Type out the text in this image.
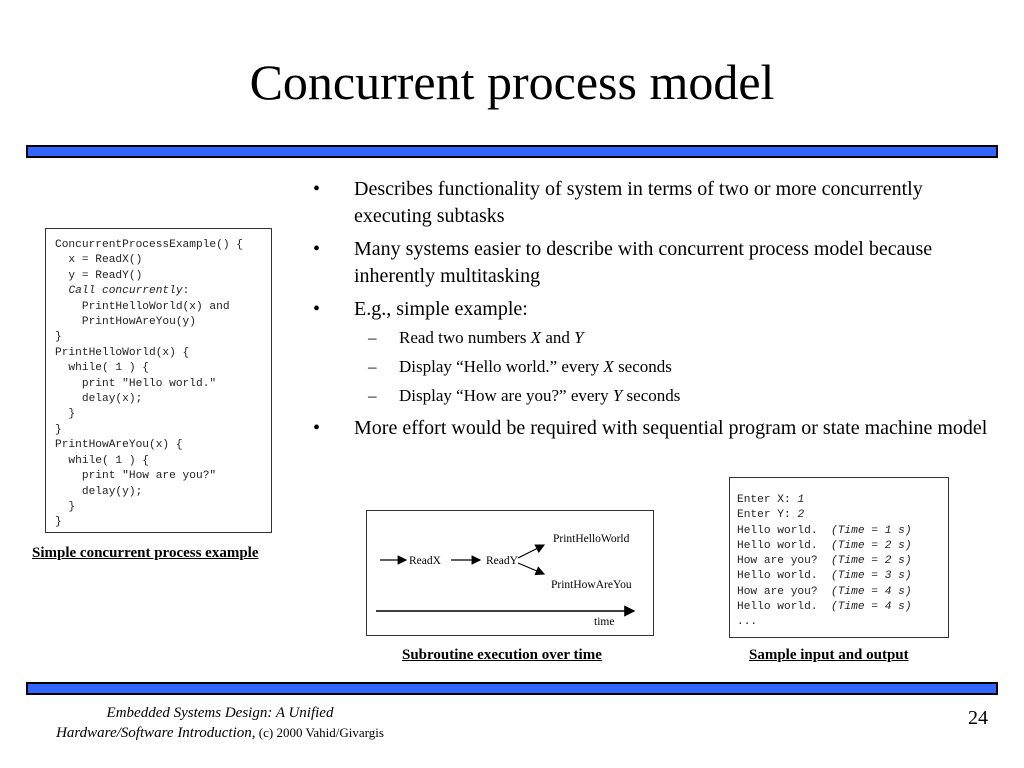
Concurrent process model
• Describes functionality of system in terms of two or more concurrently executing subtasks
• Many systems easier to describe with concurrent process model because inherently multitasking
• E.g., simple example:
– Read two numbers X and Y
– Display “Hello world.” every X seconds
– Display “How are you?” every Y seconds
• More effort would be required with sequential program or state machine model
ConcurrentProcessExample() {
x = ReadX()
y = ReadY()
Call concurrently:
PrintHelloWorld(x) and
PrintHowAreYou(y)
}
PrintHelloWorld(x) {
while( 1 ) {
print "Hello world."
delay(x);
}
}
PrintHowAreYou(x) {
while( 1 ) {
print "How are you?"
delay(y);
}
}
Simple concurrent process example	ReadX	ReadY
PrintHelloWorld
PrintHowAreYou
time
Subroutine execution over time
Enter X: 1
Enter Y: 2
Hello world.  (Time = 1 s)
Hello world.  (Time = 2 s)
How are you?  (Time = 2 s)
Hello world.  (Time = 3 s)
How are you?  (Time = 4 s)
Hello world.  (Time = 4 s)
...
Sample input and output
Embedded Systems Design: A Unified
Hardware/Software Introduction, (c) 2000 Vahid/Givargis
24
